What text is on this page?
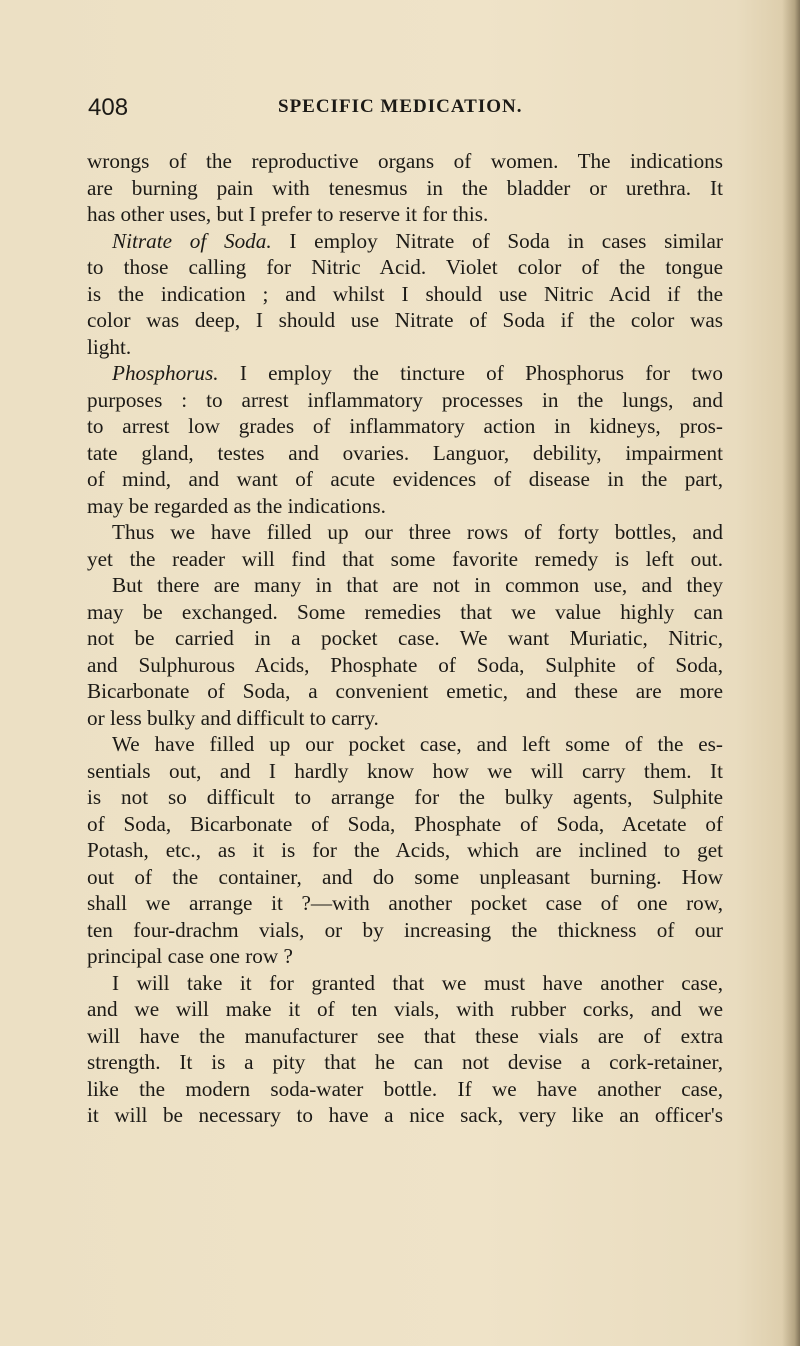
408	SPECIFIC MEDICATION.
wrongs of the reproductive organs of women. The indications
are burning pain with tenesmus in the bladder or urethra. It
has other uses, but I prefer to reserve it for this.
Nitrate of Soda. I employ Nitrate of Soda in cases similar
to those calling for Nitric Acid. Violet color of the tongue
is the indication ; and whilst I should use Nitric Acid if the
color was deep, I should use Nitrate of Soda if the color was
light.
Phosphorus. I employ the tincture of Phosphorus for two
purposes : to arrest inflammatory processes in the lungs, and
to arrest low grades of inflammatory action in kidneys, pros-
tate gland, testes and ovaries. Languor, debility, impairment
of mind, and want of acute evidences of disease in the part,
may be regarded as the indications.
Thus we have filled up our three rows of forty bottles, and
yet the reader will find that some favorite remedy is left out.
But there are many in that are not in common use, and they
may be exchanged. Some remedies that we value highly can
not be carried in a pocket case. We want Muriatic, Nitric,
and Sulphurous Acids, Phosphate of Soda, Sulphite of Soda,
Bicarbonate of Soda, a convenient emetic, and these are more
or less bulky and difficult to carry.
We have filled up our pocket case, and left some of the es-
sentials out, and I hardly know how we will carry them. It
is not so difficult to arrange for the bulky agents, Sulphite
of Soda, Bicarbonate of Soda, Phosphate of Soda, Acetate of
Potash, etc., as it is for the Acids, which are inclined to get
out of the container, and do some unpleasant burning. How
shall we arrange it ?—with another pocket case of one row,
ten four-drachm vials, or by increasing the thickness of our
principal case one row ?
I will take it for granted that we must have another case,
and we will make it of ten vials, with rubber corks, and we
will have the manufacturer see that these vials are of extra
strength. It is a pity that he can not devise a cork-retainer,
like the modern soda-water bottle. If we have another case,
it will be necessary to have a nice sack, very like an officer's
